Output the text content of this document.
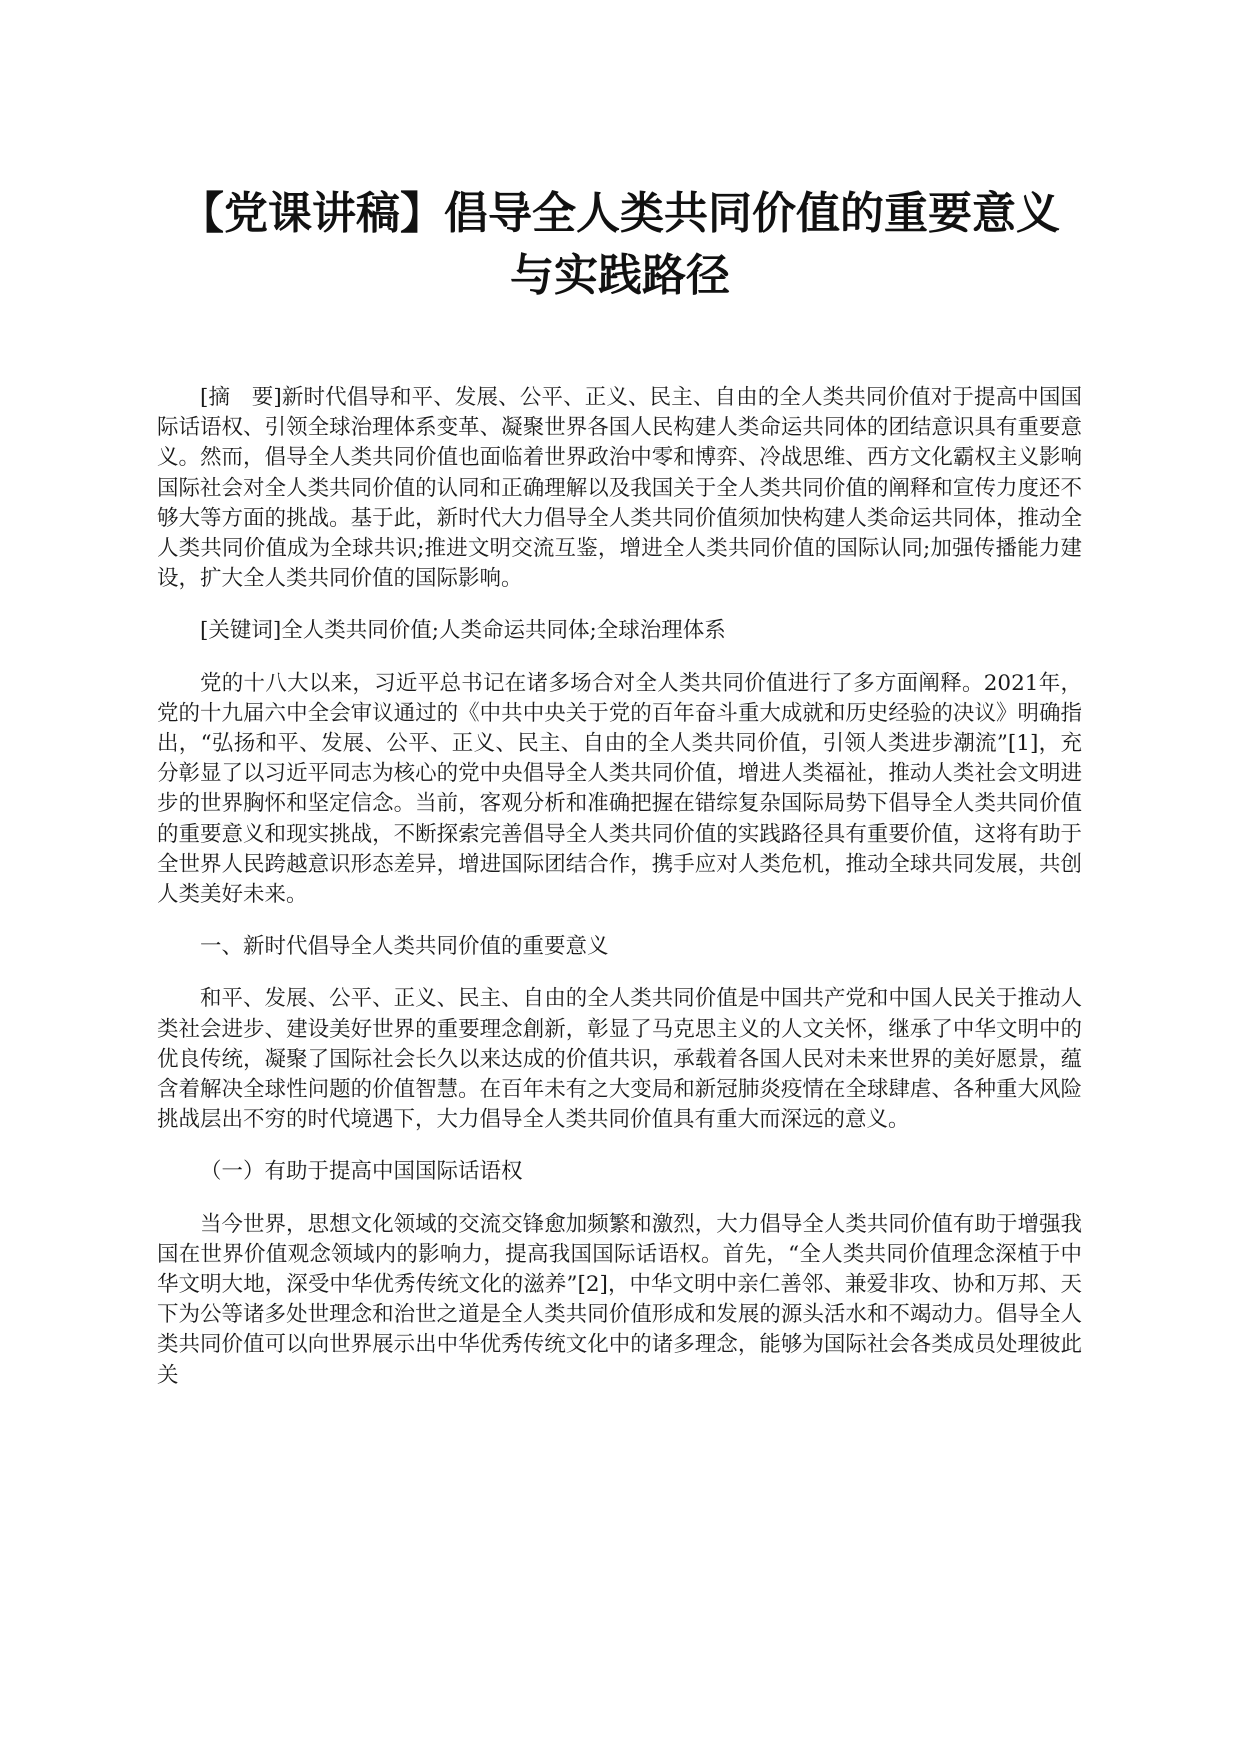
【党课讲稿】倡导全人类共同价值的重要意义
与实践路径

[摘　要]新时代倡导和平、发展、公平、正义、民主、自由的全人类共同价值对于提高中国国际话语权、引领全球治理体系变革、凝聚世界各国人民构建人类命运共同体的团结意识具有重要意义。然而，倡导全人类共同价值也面临着世界政治中零和博弈、冷战思维、西方文化霸权主义影响国际社会对全人类共同价值的认同和正确理解以及我国关于全人类共同价值的阐释和宣传力度还不够大等方面的挑战。基于此，新时代大力倡导全人类共同价值须加快构建人类命运共同体，推动全人类共同价值成为全球共识;推进文明交流互鉴，增进全人类共同价值的国际认同;加强传播能力建设，扩大全人类共同价值的国际影响。

[关键词]全人类共同价值;人类命运共同体;全球治理体系

党的十八大以来，习近平总书记在诸多场合对全人类共同价值进行了多方面阐释。2021年，党的十九届六中全会审议通过的《中共中央关于党的百年奋斗重大成就和历史经验的决议》明确指出，“弘扬和平、发展、公平、正义、民主、自由的全人类共同价值，引领人类进步潮流”[1]，充分彰显了以习近平同志为核心的党中央倡导全人类共同价值，增进人类福祉，推动人类社会文明进步的世界胸怀和坚定信念。当前，客观分析和准确把握在错综复杂国际局势下倡导全人类共同价值的重要意义和现实挑战，不断探索完善倡导全人类共同价值的实践路径具有重要价值，这将有助于全世界人民跨越意识形态差异，增进国际团结合作，携手应对人类危机，推动全球共同发展，共创人类美好未来。

一、新时代倡导全人类共同价值的重要意义

和平、发展、公平、正义、民主、自由的全人类共同价值是中国共产党和中国人民关于推动人类社会进步、建设美好世界的重要理念創新，彰显了马克思主义的人文关怀，继承了中华文明中的优良传统，凝聚了国际社会长久以来达成的价值共识，承载着各国人民对未来世界的美好愿景，蕴含着解决全球性问题的价值智慧。在百年未有之大变局和新冠肺炎疫情在全球肆虐、各种重大风险挑战层出不穷的时代境遇下，大力倡导全人类共同价值具有重大而深远的意义。

（一）有助于提高中国国际话语权

当今世界，思想文化领域的交流交锋愈加频繁和激烈，大力倡导全人类共同价值有助于增强我国在世界价值观念领域内的影响力，提高我国国际话语权。首先，“全人类共同价值理念深植于中华文明大地，深受中华优秀传统文化的滋养”[2]，中华文明中亲仁善邻、兼爱非攻、协和万邦、天下为公等诸多处世理念和治世之道是全人类共同价值形成和发展的源头活水和不竭动力。倡导全人类共同价值可以向世界展示出中华优秀传统文化中的诸多理念，能够为国际社会各类成员处理彼此关
